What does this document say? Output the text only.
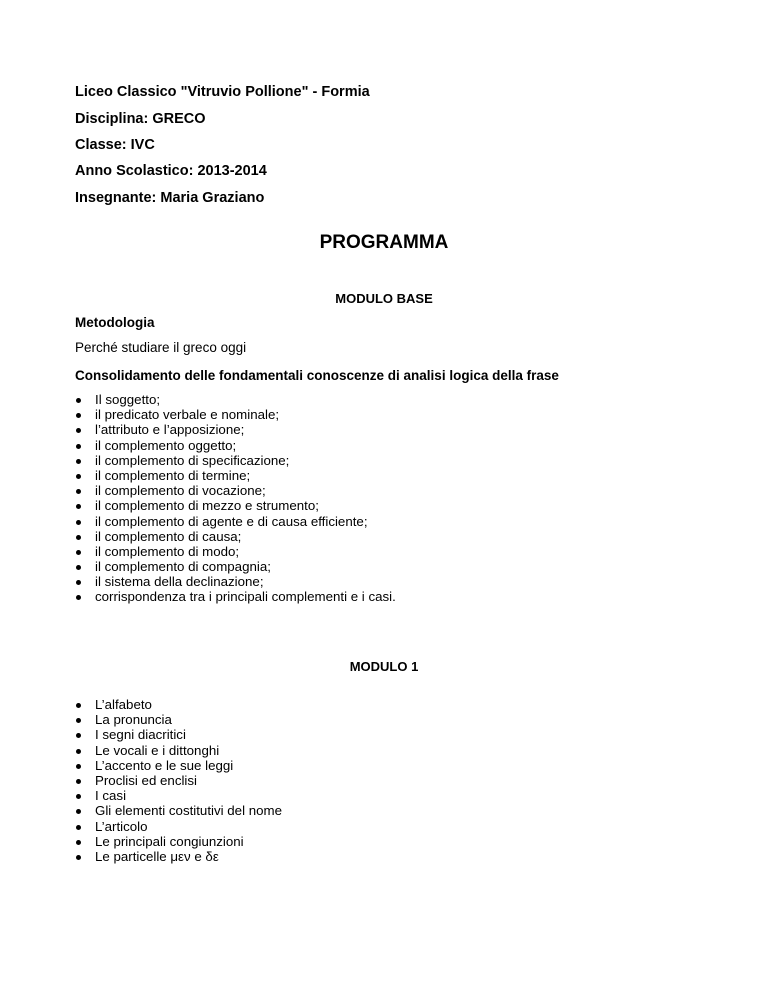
Liceo Classico "Vitruvio Pollione" - Formia
Disciplina: GRECO
Classe: IVC
Anno Scolastico: 2013-2014
Insegnante: Maria Graziano
PROGRAMMA
MODULO BASE
Metodologia
Perché studiare il greco oggi
Consolidamento delle fondamentali conoscenze di analisi logica della frase
Il soggetto;
il predicato verbale e nominale;
l’attributo e l’apposizione;
il complemento oggetto;
il complemento di specificazione;
il complemento di termine;
il complemento di vocazione;
il complemento di mezzo e strumento;
il complemento di agente e di causa efficiente;
il complemento di causa;
il complemento di modo;
il complemento di compagnia;
il sistema della declinazione;
corrispondenza tra i principali complementi e i casi.
MODULO 1
L’alfabeto
La pronuncia
I segni diacritici
Le vocali e i dittonghi
L’accento e le sue leggi
Proclisi ed enclisi
I casi
Gli elementi costitutivi del nome
L’articolo
Le principali congiunzioni
Le particelle μεν e δε
